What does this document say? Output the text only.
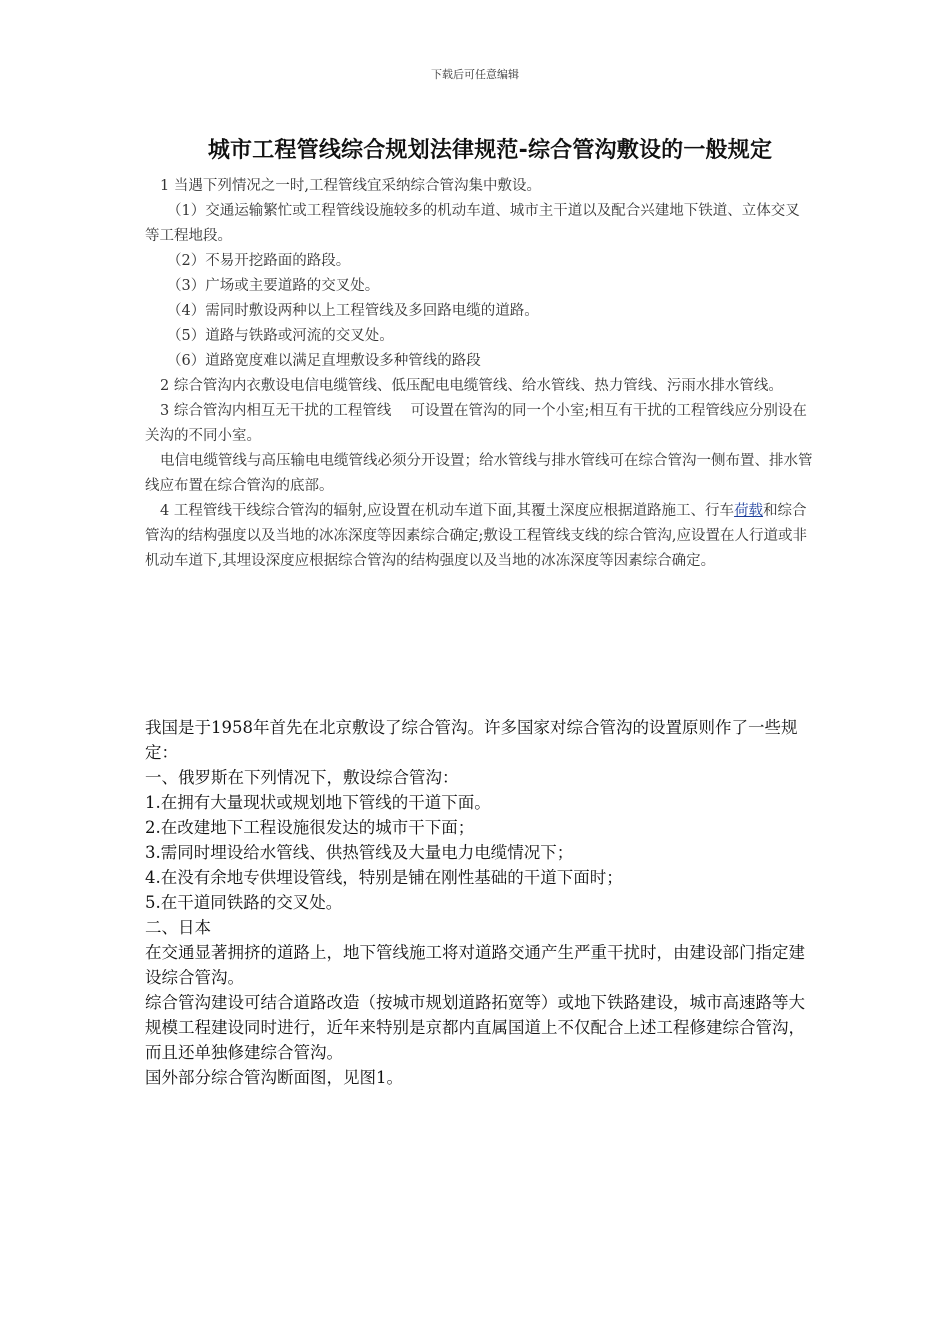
下载后可任意编辑
城市工程管线综合规划法律规范-综合管沟敷设的一般规定

1 当遇下列情况之一时,工程管线宜采纳综合管沟集中敷设。

（1）交通运输繁忙或工程管线设施较多的机动车道、城市主干道以及配合兴建地下铁道、立体交叉等工程地段。

（2）不易开挖路面的路段。

（3）广场或主要道路的交叉处。

（4）需同时敷设两种以上工程管线及多回路电缆的道路。

（5）道路与铁路或河流的交叉处。

（6）道路宽度难以满足直埋敷设多种管线的路段

2 综合管沟内衣敷设电信电缆管线、低压配电电缆管线、给水管线、热力管线、污雨水排水管线。

3 综合管沟内相互无干扰的工程管线　 可设置在管沟的同一个小室;相互有干扰的工程管线应分别设在关沟的不同小室。

电信电缆管线与高压输电电缆管线必须分开设置；给水管线与排水管线可在综合管沟一侧布置、排水管线应布置在综合管沟的底部。

4 工程管线干线综合管沟的辐射,应设置在机动车道下面,其覆土深度应根据道路施工、行车荷载和综合管沟的结构强度以及当地的冰冻深度等因素综合确定;敷设工程管线支线的综合管沟,应设置在人行道或非机动车道下,其埋设深度应根据综合管沟的结构强度以及当地的冰冻深度等因素综合确定。

我国是于1958年首先在北京敷设了综合管沟。许多国家对综合管沟的设置原则作了一些规定：

一、俄罗斯在下列情况下，敷设综合管沟：

1.在拥有大量现状或规划地下管线的干道下面。

2.在改建地下工程设施很发达的城市干下面；

3.需同时埋设给水管线、供热管线及大量电力电缆情况下；

4.在没有余地专供埋设管线，特别是铺在刚性基础的干道下面时；

5.在干道同铁路的交叉处。

二、日本

在交通显著拥挤的道路上，地下管线施工将对道路交通产生严重干扰时，由建设部门指定建设综合管沟。

综合管沟建设可结合道路改造（按城市规划道路拓宽等）或地下铁路建设，城市高速路等大规模工程建设同时进行，近年来特别是京都内直属国道上不仅配合上述工程修建综合管沟，而且还单独修建综合管沟。

国外部分综合管沟断面图，见图1。
